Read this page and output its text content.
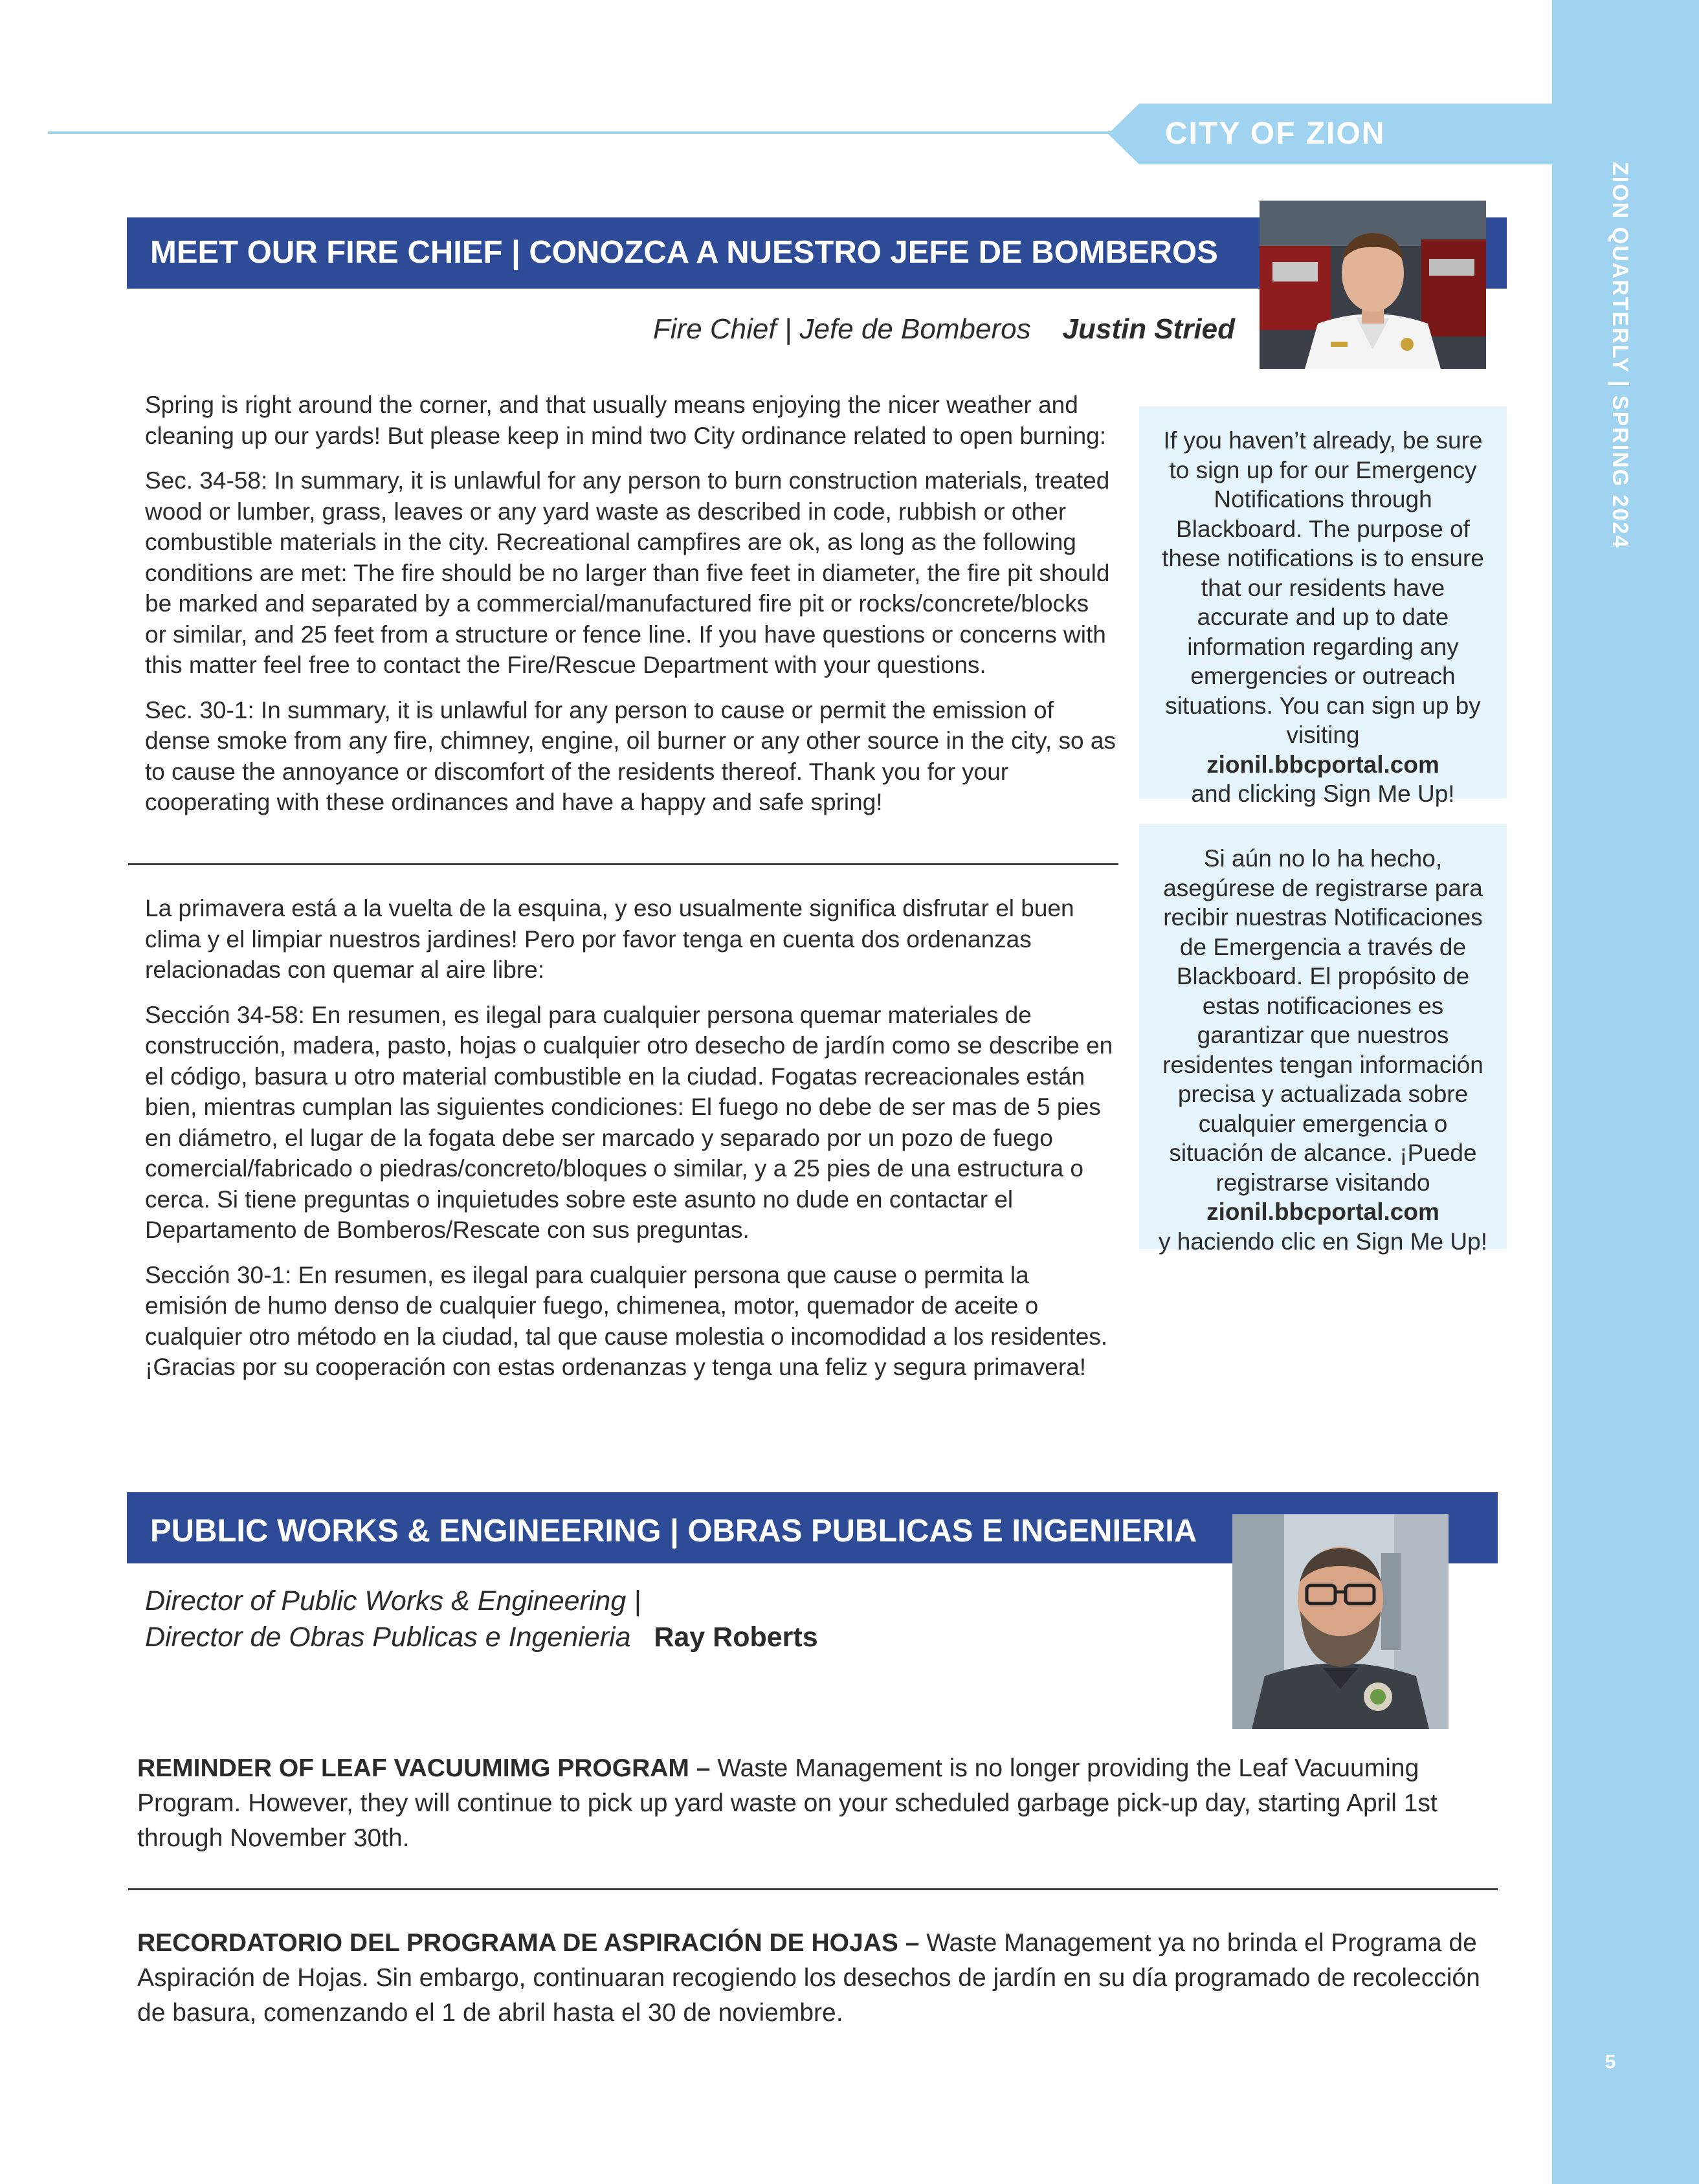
ZION QUARTERLY | SPRING 2024
5
CITY OF ZION
MEET OUR FIRE CHIEF | CONOZCA A NUESTRO JEFE DE BOMBEROS
Fire Chief | Jefe de Bomberos Justin Stried

Spring is right around the corner, and that usually means enjoying the nicer weather and cleaning up our yards! But please keep in mind two City ordinance related to open burning:

Sec. 34-58: In summary, it is unlawful for any person to burn construction materials, treated wood or lumber, grass, leaves or any yard waste as described in code, rubbish or other combustible materials in the city. Recreational campfires are ok, as long as the following conditions are met: The fire should be no larger than five feet in diameter, the fire pit should be marked and separated by a commercial/manufactured fire pit or rocks/concrete/blocks or similar, and 25 feet from a structure or fence line. If you have questions or concerns with this matter feel free to contact the Fire/Rescue Department with your questions.

Sec. 30-1: In summary, it is unlawful for any person to cause or permit the emission of dense smoke from any fire, chimney, engine, oil burner or any other source in the city, so as to cause the annoyance or discomfort of the residents thereof. Thank you for your cooperating with these ordinances and have a happy and safe spring!

La primavera está a la vuelta de la esquina, y eso usualmente significa disfrutar el buen clima y el limpiar nuestros jardines! Pero por favor tenga en cuenta dos ordenanzas relacionadas con quemar al aire libre:

Sección 34-58: En resumen, es ilegal para cualquier persona quemar materiales de construcción, madera, pasto, hojas o cualquier otro desecho de jardín como se describe en el código, basura u otro material combustible en la ciudad. Fogatas recreacionales están bien, mientras cumplan las siguientes condiciones: El fuego no debe de ser mas de 5 pies en diámetro, el lugar de la fogata debe ser marcado y separado por un pozo de fuego comercial/fabricado o piedras/concreto/bloques o similar, y a 25 pies de una estructura o cerca. Si tiene preguntas o inquietudes sobre este asunto no dude en contactar el Departamento de Bomberos/Rescate con sus preguntas.

Sección 30-1: En resumen, es ilegal para cualquier persona que cause o permita la emisión de humo denso de cualquier fuego, chimenea, motor, quemador de aceite o cualquier otro método en la ciudad, tal que cause molestia o incomodidad a los residentes. ¡Gracias por su cooperación con estas ordenanzas y tenga una feliz y segura primavera!

If you haven’t already, be sure to sign up for our Emergency Notifications through Blackboard. The purpose of these notifications is to ensure that our residents have accurate and up to date information regarding any emergencies or outreach situations. You can sign up by visiting
zionil.bbcportal.com
and clicking Sign Me Up!
Si aún no lo ha hecho, asegúrese de registrarse para recibir nuestras Notificaciones de Emergencia a través de Blackboard. El propósito de estas notificaciones es garantizar que nuestros residentes tengan información precisa y actualizada sobre cualquier emergencia o situación de alcance. ¡Puede registrarse visitando
zionil.bbcportal.com
y haciendo clic en Sign Me Up!
PUBLIC WORKS & ENGINEERING | OBRAS PUBLICAS E INGENIERIA
Director of Public Works & Engineering |
Director de Obras Publicas e Ingenieria Ray Roberts
REMINDER OF LEAF VACUUMIMG PROGRAM – Waste Management is no longer providing the Leaf Vacuuming Program. However, they will continue to pick up yard waste on your scheduled garbage pick-up day, starting April 1st through November 30th.
RECORDATORIO DEL PROGRAMA DE ASPIRACIÓN DE HOJAS – Waste Management ya no brinda el Programa de Aspiración de Hojas. Sin embargo, continuaran recogiendo los desechos de jardín en su día programado de recolección de basura, comenzando el 1 de abril hasta el 30 de noviembre.
